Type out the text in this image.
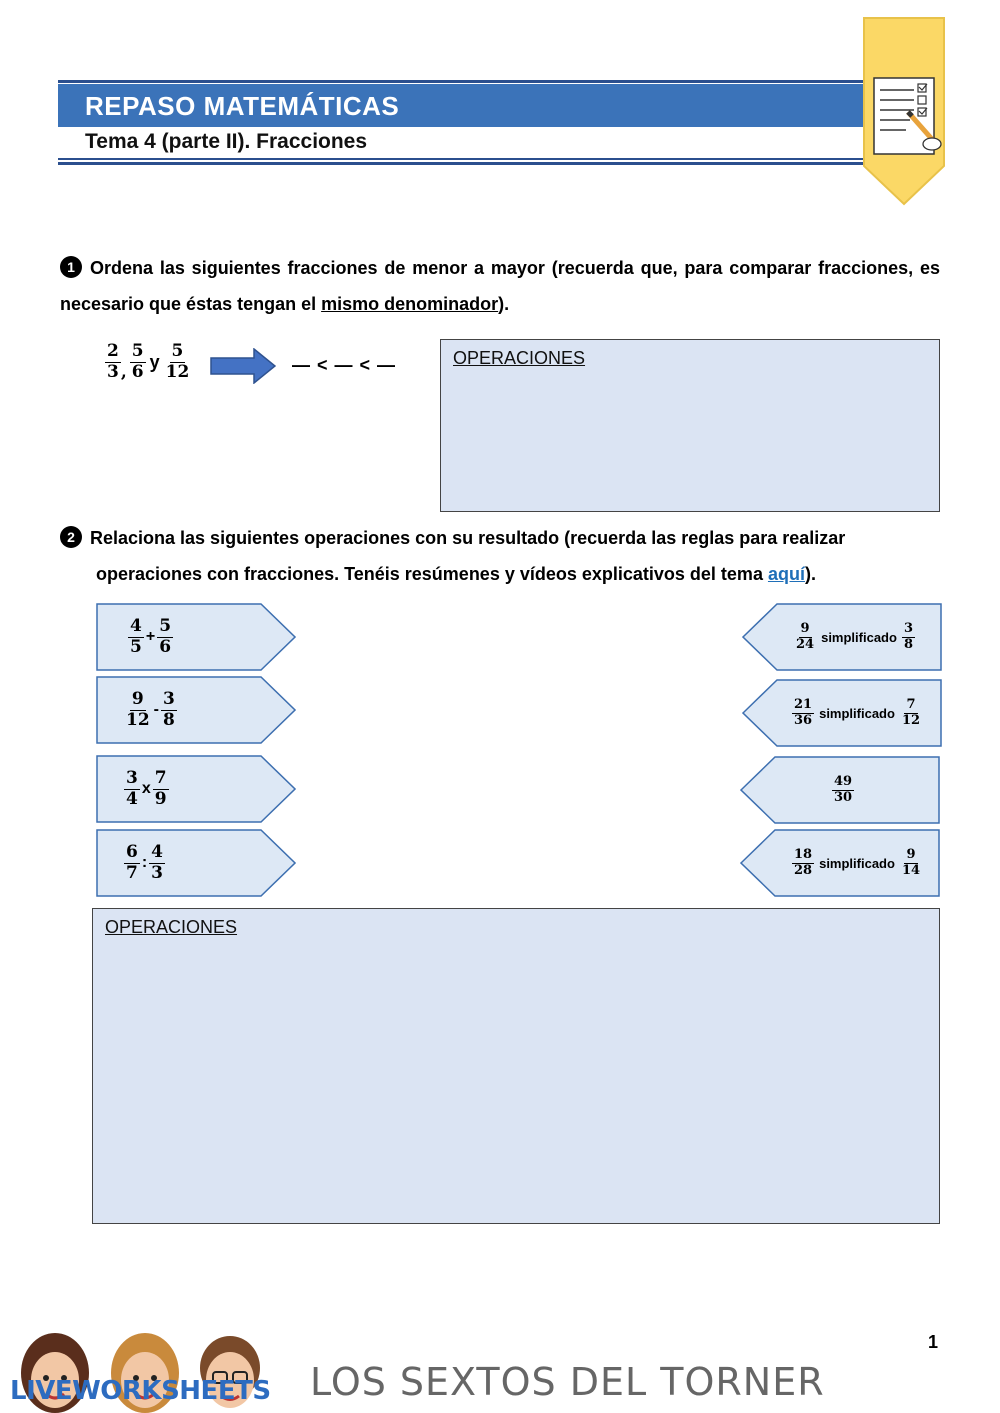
REPASO MATEMÁTICAS
Tema 4 (parte II). Fracciones
1 Ordena las siguientes fracciones de menor a mayor (recuerda que, para comparar fracciones, es necesario que éstas tengan el mismo denominador).
$\frac{2}{3}$ , $\frac{5}{6}$ y $\frac{5}{12}$	— < — < —	OPERACIONES
2 Relaciona las siguientes operaciones con su resultado (recuerda las reglas para realizar
operaciones con fracciones. Tenéis resúmenes y vídeos explicativos del tema aquí).
$\frac{4}{5} + \frac{5}{6}$
$\frac{9}{12} - \frac{3}{8}$
$\frac{3}{4}$ x $\frac{7}{9}$
$\frac{6}{7}$ : $\frac{4}{3}$
$\frac{9}{24}$ simplificado $\frac{3}{8}$
$\frac{21}{36}$ simplificado $\frac{7}{12}$
$\frac{49}{30}$
$\frac{18}{28}$ simplificado $\frac{9}{14}$
OPERACIONES
1
LIVEWORKSHEETS LOS SEXTOS DEL TORNER
